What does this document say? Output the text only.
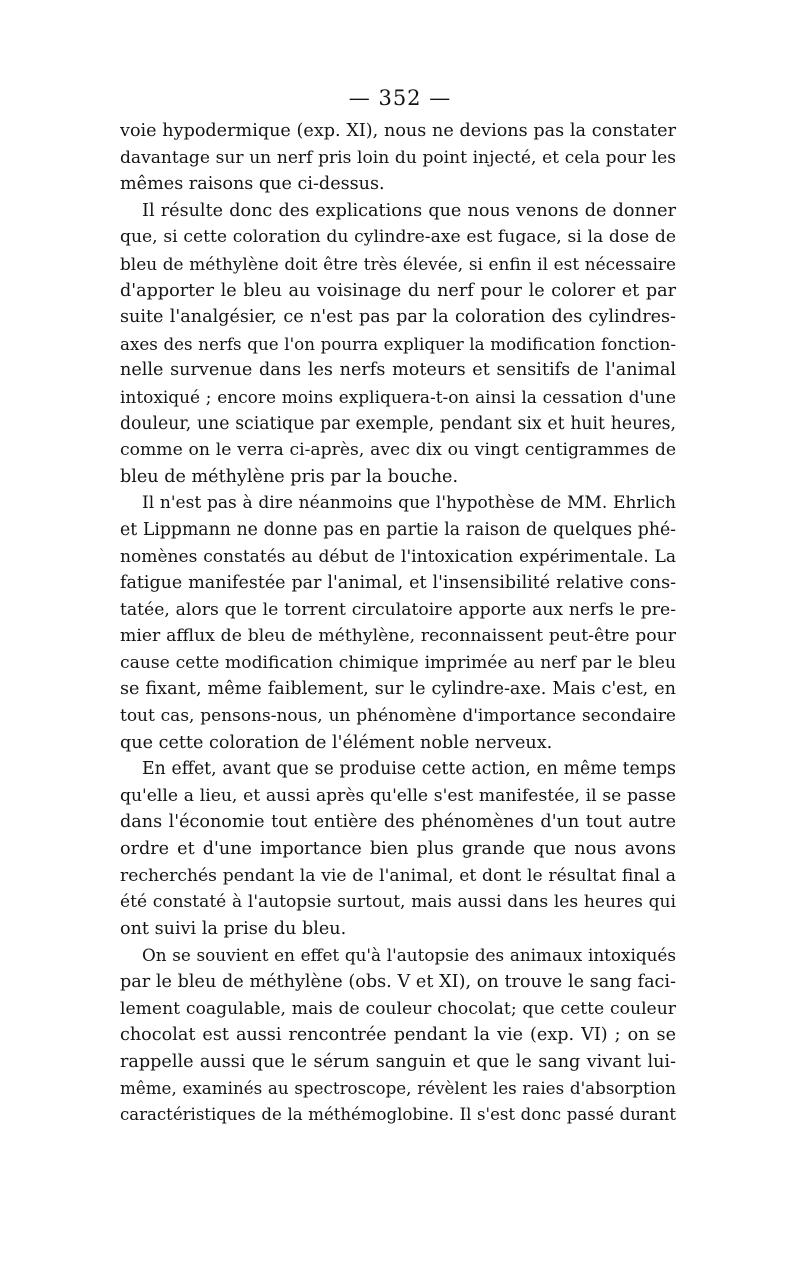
— 352 —
voie hypodermique (exp. XI), nous ne devions pas la constater
davantage sur un nerf pris loin du point injecté, et cela pour les
mêmes raisons que ci-dessus.
Il résulte donc des explications que nous venons de donner
que, si cette coloration du cylindre-axe est fugace, si la dose de
bleu de méthylène doit être très élevée, si enfin il est nécessaire
d'apporter le bleu au voisinage du nerf pour le colorer et par
suite l'analgésier, ce n'est pas par la coloration des cylindres-
axes des nerfs que l'on pourra expliquer la modification fonction-
nelle survenue dans les nerfs moteurs et sensitifs de l'animal
intoxiqué ; encore moins expliquera-t-on ainsi la cessation d'une
douleur, une sciatique par exemple, pendant six et huit heures,
comme on le verra ci-après, avec dix ou vingt centigrammes de
bleu de méthylène pris par la bouche.
Il n'est pas à dire néanmoins que l'hypothèse de MM. Ehrlich
et Lippmann ne donne pas en partie la raison de quelques phé-
nomènes constatés au début de l'intoxication expérimentale. La
fatigue manifestée par l'animal, et l'insensibilité relative cons-
tatée, alors que le torrent circulatoire apporte aux nerfs le pre-
mier afflux de bleu de méthylène, reconnaissent peut-être pour
cause cette modification chimique imprimée au nerf par le bleu
se fixant, même faiblement, sur le cylindre-axe. Mais c'est, en
tout cas, pensons-nous, un phénomène d'importance secondaire
que cette coloration de l'élément noble nerveux.
En effet, avant que se produise cette action, en même temps
qu'elle a lieu, et aussi après qu'elle s'est manifestée, il se passe
dans l'économie tout entière des phénomènes d'un tout autre
ordre et d'une importance bien plus grande que nous avons
recherchés pendant la vie de l'animal, et dont le résultat final a
été constaté à l'autopsie surtout, mais aussi dans les heures qui
ont suivi la prise du bleu.
On se souvient en effet qu'à l'autopsie des animaux intoxiqués
par le bleu de méthylène (obs. V et XI), on trouve le sang faci-
lement coagulable, mais de couleur chocolat; que cette couleur
chocolat est aussi rencontrée pendant la vie (exp. VI) ; on se
rappelle aussi que le sérum sanguin et que le sang vivant lui-
même, examinés au spectroscope, révèlent les raies d'absorption
caractéristiques de la méthémoglobine. Il s'est donc passé durant
